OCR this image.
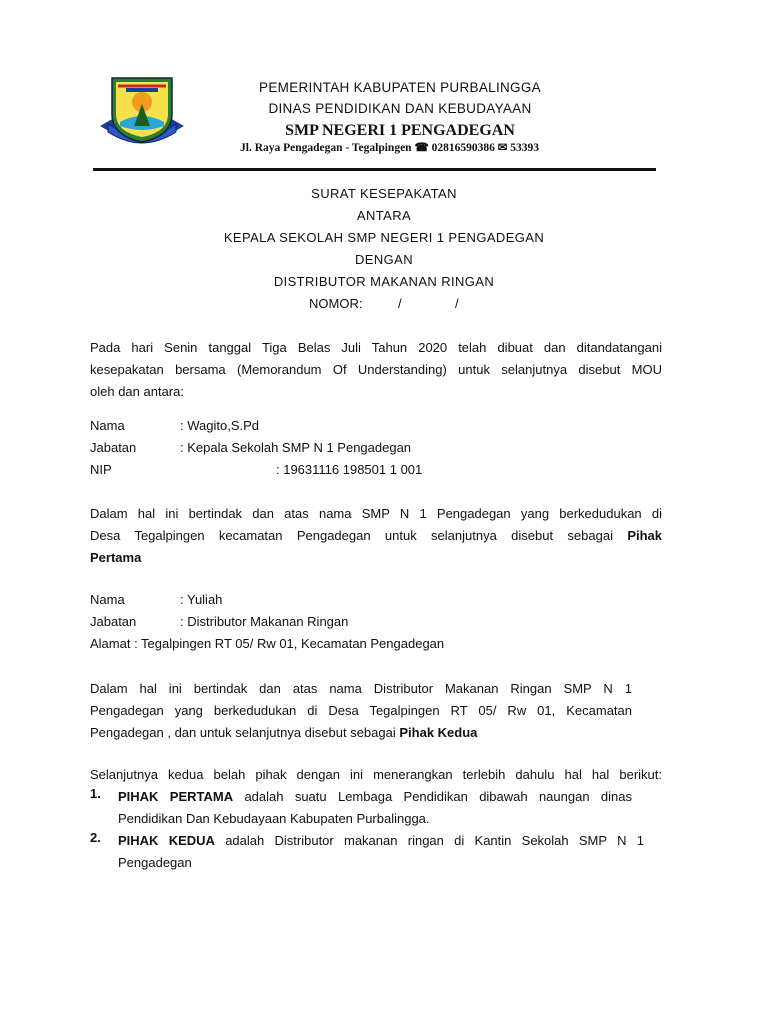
PEMERINTAH KABUPATEN PURBALINGGA
DINAS PENDIDIKAN DAN KEBUDAYAAN
SMP NEGERI 1 PENGADEGAN
Jl. Raya Pengadegan - Tegalpingen ☎ 02816590386 ✉ 53393
SURAT KESEPAKATAN
ANTARA
KEPALA SEKOLAH SMP NEGERI 1 PENGADEGAN
DENGAN
DISTRIBUTOR MAKANAN RINGAN
NOMOR:	/	/
Pada hari Senin tanggal Tiga Belas Juli Tahun 2020 telah dibuat dan ditandatangani
kesepakatan bersama (Memorandum Of Understanding) untuk selanjutnya disebut MOU
oleh dan antara:
Nama	: Wagito,S.Pd
Jabatan	: Kepala Sekolah SMP N 1 Pengadegan
NIP	: 19631116 198501 1 001
Dalam hal ini bertindak dan atas nama SMP N 1 Pengadegan yang berkedudukan di
Desa Tegalpingen kecamatan Pengadegan untuk selanjutnya disebut sebagai Pihak
Pertama
Nama	: Yuliah
Jabatan	: Distributor Makanan Ringan
Alamat : Tegalpingen RT 05/ Rw 01, Kecamatan Pengadegan
Dalam hal ini bertindak dan atas nama Distributor Makanan Ringan SMP N 1
Pengadegan yang berkedudukan di Desa Tegalpingen RT 05/ Rw 01, Kecamatan
Pengadegan , dan untuk selanjutnya disebut sebagai Pihak Kedua
Selanjutnya kedua belah pihak dengan ini menerangkan terlebih dahulu hal hal berikut:
1. PIHAK PERTAMA adalah suatu Lembaga Pendidikan dibawah naungan dinas
Pendidikan Dan Kebudayaan Kabupaten Purbalingga.
2. PIHAK KEDUA adalah Distributor makanan ringan di Kantin Sekolah SMP N 1
Pengadegan
